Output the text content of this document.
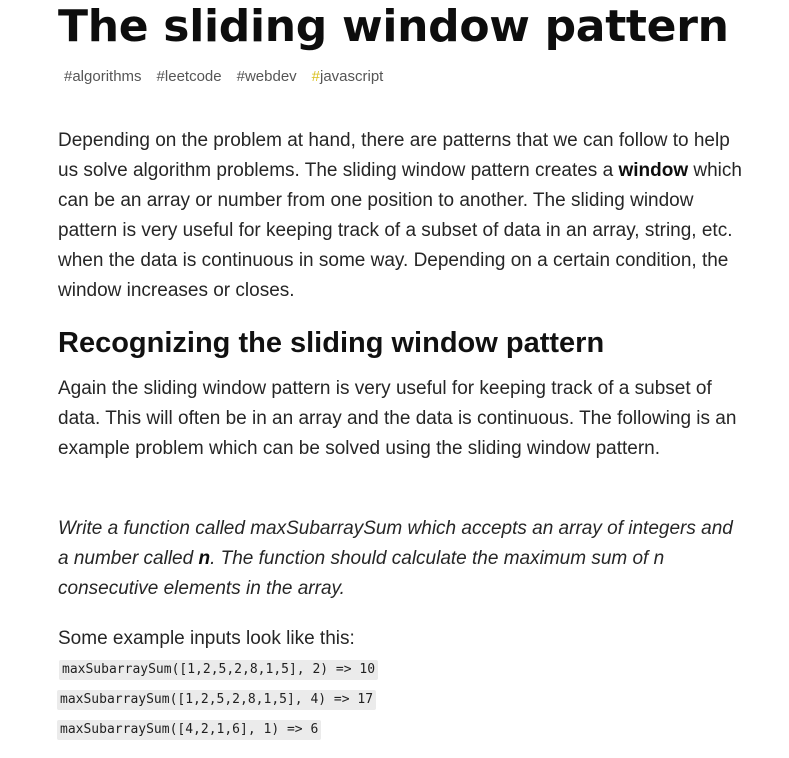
The sliding window pattern
# algorithms # leetcode # webdev # javascript

Depending on the problem at hand, there are patterns that we can follow to help us solve algorithm problems. The sliding window pattern creates a window which can be an array or number from one position to another. The sliding window pattern is very useful for keeping track of a subset of data in an array, string, etc. when the data is continuous in some way. Depending on a certain condition, the window increases or closes.

Recognizing the sliding window pattern

Again the sliding window pattern is very useful for keeping track of a subset of data. This will often be in an array and the data is continuous. The following is an example problem which can be solved using the sliding window pattern.

Write a function called maxSubarraySum which accepts an array of integers and a number called n. The function should calculate the maximum sum of n consecutive elements in the array.

Some example inputs look like this:

maxSubarraySum([1,2,5,2,8,1,5], 2) => 10
maxSubarraySum([1,2,5,2,8,1,5], 4) => 17
maxSubarraySum([4,2,1,6], 1) => 6
